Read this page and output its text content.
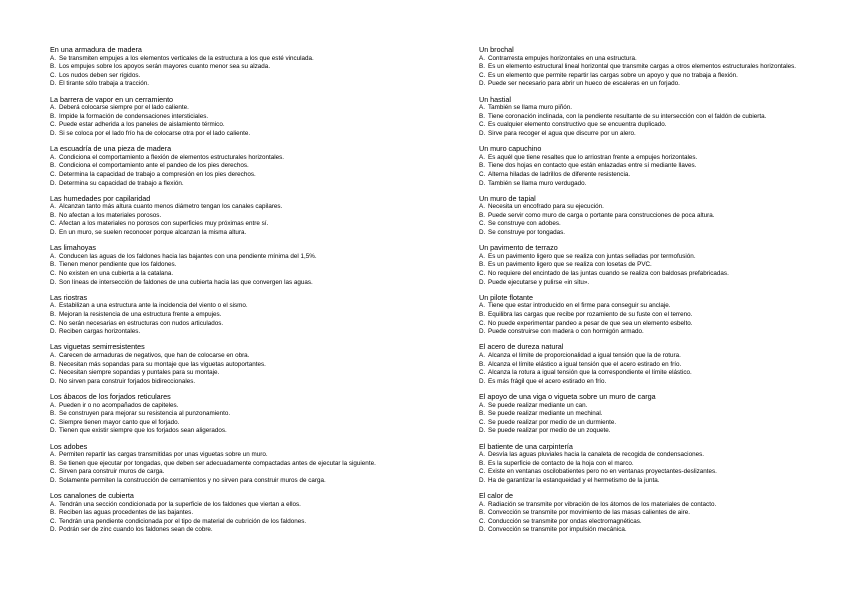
En una armadura de madera
A. Se transmiten empujes a los elementos verticales de la estructura a los que esté vinculada.
B. Los empujes sobre los apoyos serán mayores cuanto menor sea su alzada.
C. Los nudos deben ser rígidos.
D. El tirante sólo trabaja a tracción.
La barrera de vapor en un cerramiento
A. Deberá colocarse siempre por el lado caliente.
B. Impide la formación de condensaciones intersticiales.
C. Puede estar adherida a los paneles de aislamiento térmico.
D. Si se coloca por el lado frío ha de colocarse otra por el lado caliente.
La escuadría de una pieza de madera
A. Condiciona el comportamiento a flexión de elementos estructurales horizontales.
B. Condiciona el comportamiento ante el pandeo de los pies derechos.
C. Determina la capacidad de trabajo a compresión en los pies derechos.
D. Determina su capacidad de trabajo a flexión.
Las humedades por capilaridad
A. Alcanzan tanto más altura cuanto menos diámetro tengan los canales capilares.
B. No afectan a los materiales porosos.
C. Afectan a los materiales no porosos con superficies muy próximas entre sí.
D. En un muro, se suelen reconocer porque alcanzan la misma altura.
Las limahoyas
A. Conducen las aguas de los faldones hacia las bajantes con una pendiente mínima del 1,5%.
B. Tienen menor pendiente que los faldones.
C. No existen en una cubierta a la catalana.
D. Son líneas de intersección de faldones de una cubierta hacia las que convergen las aguas.
Las riostras
A. Estabilizan a una estructura ante la incidencia del viento o el sismo.
B. Mejoran la resistencia de una estructura frente a empujes.
C. No serán necesarias en estructuras con nudos articulados.
D. Reciben cargas horizontales.
Las viguetas semirresistentes
A. Carecen de armaduras de negativos, que han de colocarse en obra.
B. Necesitan más sopandas para su montaje que las viguetas autoportantes.
C. Necesitan siempre sopandas y puntales para su montaje.
D. No sirven para construir forjados bidireccionales.
Los ábacos de los forjados reticulares
A. Pueden ir o no acompañados de capiteles.
B. Se construyen para mejorar su resistencia al punzonamiento.
C. Siempre tienen mayor canto que el forjado.
D. Tienen que existir siempre que los forjados sean aligerados.
Los adobes
A. Permiten repartir las cargas transmitidas por unas viguetas sobre un muro.
B. Se tienen que ejecutar por tongadas, que deben ser adecuadamente compactadas antes de ejecutar la siguiente.
C. Sirven para construir muros de carga.
D. Solamente permiten la construcción de cerramientos y no sirven para construir muros de carga.
Los canalones de cubierta
A. Tendrán una sección condicionada por la superficie de los faldones que viertan a ellos.
B. Reciben las aguas procedentes de las bajantes.
C. Tendrán una pendiente condicionada por el tipo de material de cubrición de los faldones.
D. Podrán ser de zinc cuando los faldones sean de cobre.
Un brochal
A. Contrarresta empujes horizontales en una estructura.
B. Es un elemento estructural lineal horizontal que transmite cargas a otros elementos estructurales horizontales.
C. Es un elemento que permite repartir las cargas sobre un apoyo y que no trabaja a flexión.
D. Puede ser necesario para abrir un hueco de escaleras en un forjado.
Un hastial
A. También se llama muro piñón.
B. Tiene coronación inclinada, con la pendiente resultante de su intersección con el faldón de cubierta.
C. Es cualquier elemento constructivo que se encuentra duplicado.
D. Sirve para recoger el agua que discurre por un alero.
Un muro capuchino
A. Es aquél que tiene resaltes que lo arriostran frente a empujes horizontales.
B. Tiene dos hojas en contacto que están enlazadas entre sí mediante llaves.
C. Alterna hiladas de ladrillos de diferente resistencia.
D. También se llama muro verdugado.
Un muro de tapial
A. Necesita un encofrado para su ejecución.
B. Puede servir como muro de carga o portante para construcciones de poca altura.
C. Se construye con adobes.
D. Se construye por tongadas.
Un pavimento de terrazo
A. Es un pavimento ligero que se realiza con juntas selladas por termofusión.
B. Es un pavimento ligero que se realiza con losetas de PVC.
C. No requiere del encintado de las juntas cuando se realiza con baldosas prefabricadas.
D. Puede ejecutarse y pulirse «in situ».
Un pilote flotante
A. Tiene que estar introducido en el firme para conseguir su anclaje.
B. Equilibra las cargas que recibe por rozamiento de su fuste con el terreno.
C. No puede experimentar pandeo a pesar de que sea un elemento esbelto.
D. Puede construirse con madera o con hormigón armado.
El acero de dureza natural
A. Alcanza el límite de proporcionalidad a igual tensión que la de rotura.
B. Alcanza el límite elástico a igual tensión que el acero estirado en frío.
C. Alcanza la rotura a igual tensión que la correspondiente el límite elástico.
D. Es más frágil que el acero estirado en frío.
El apoyo de una viga o vigueta sobre un muro de carga
A. Se puede realizar mediante un can.
B. Se puede realizar mediante un mechinal.
C. Se puede realizar por medio de un durmiente.
D. Se puede realizar por medio de un zoquete.
El batiente de una carpintería
A. Desvía las aguas pluviales hacia la canaleta de recogida de condensaciones.
B. Es la superficie de contacto de la hoja con el marco.
C. Existe en ventanas oscilobatientes pero no en ventanas proyectantes-deslizantes.
D. Ha de garantizar la estanqueidad y el hermetismo de la junta.
El calor de
A. Radiación se transmite por vibración de los átomos de los materiales de contacto.
B. Convección se transmite por movimiento de las masas calientes de aire.
C. Conducción se transmite por ondas electromagnéticas.
D. Convección se transmite por impulsión mecánica.
